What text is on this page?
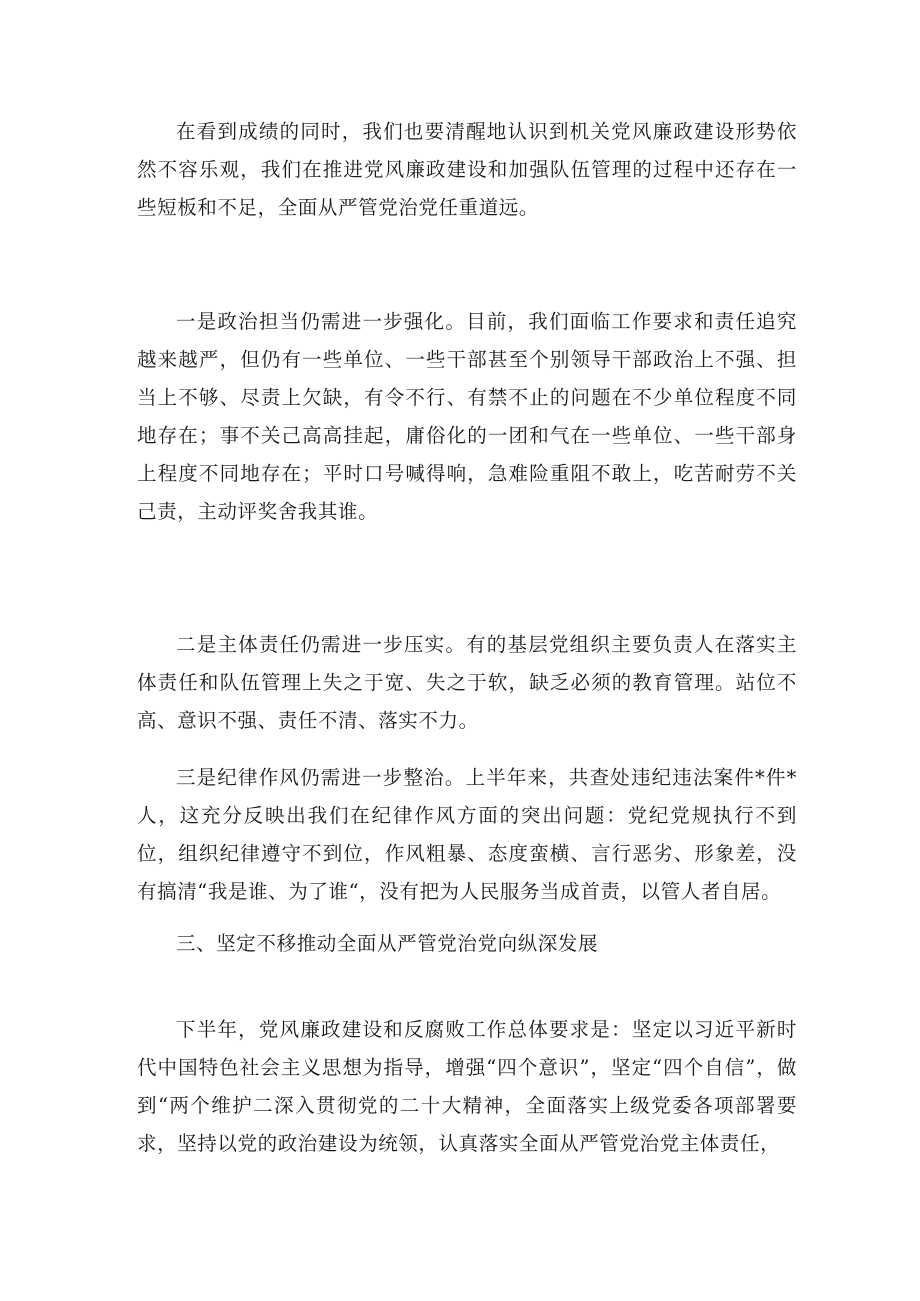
在看到成绩的同时，我们也要清醒地认识到机关党风廉政建设形势依然不容乐观，我们在推进党风廉政建设和加强队伍管理的过程中还存在一些短板和不足，全面从严管党治党任重道远。

一是政治担当仍需进一步强化。目前，我们面临工作要求和责任追究越来越严，但仍有一些单位、一些干部甚至个别领导干部政治上不强、担当上不够、尽责上欠缺，有令不行、有禁不止的问题在不少单位程度不同地存在；事不关己高高挂起，庸俗化的一团和气在一些单位、一些干部身上程度不同地存在；平时口号喊得响，急难险重阻不敢上，吃苦耐劳不关己责，主动评奖舍我其谁。

二是主体责任仍需进一步压实。有的基层党组织主要负责人在落实主体责任和队伍管理上失之于宽、失之于软，缺乏必须的教育管理。站位不高、意识不强、责任不清、落实不力。

三是纪律作风仍需进一步整治。上半年来，共查处违纪违法案件*件*人，这充分反映出我们在纪律作风方面的突出问题：党纪党规执行不到位，组织纪律遵守不到位，作风粗暴、态度蛮横、言行恶劣、形象差，没有搞清“我是谁、为了谁“，没有把为人民服务当成首责，以管人者自居。

三、坚定不移推动全面从严管党治党向纵深发展

下半年，党风廉政建设和反腐败工作总体要求是：坚定以习近平新时代中国特色社会主义思想为指导，增强“四个意识”，坚定“四个自信”，做到“两个维护二深入贯彻党的二十大精神，全面落实上级党委各项部署要求，坚持以党的政治建设为统领，认真落实全面从严管党治党主体责任，
